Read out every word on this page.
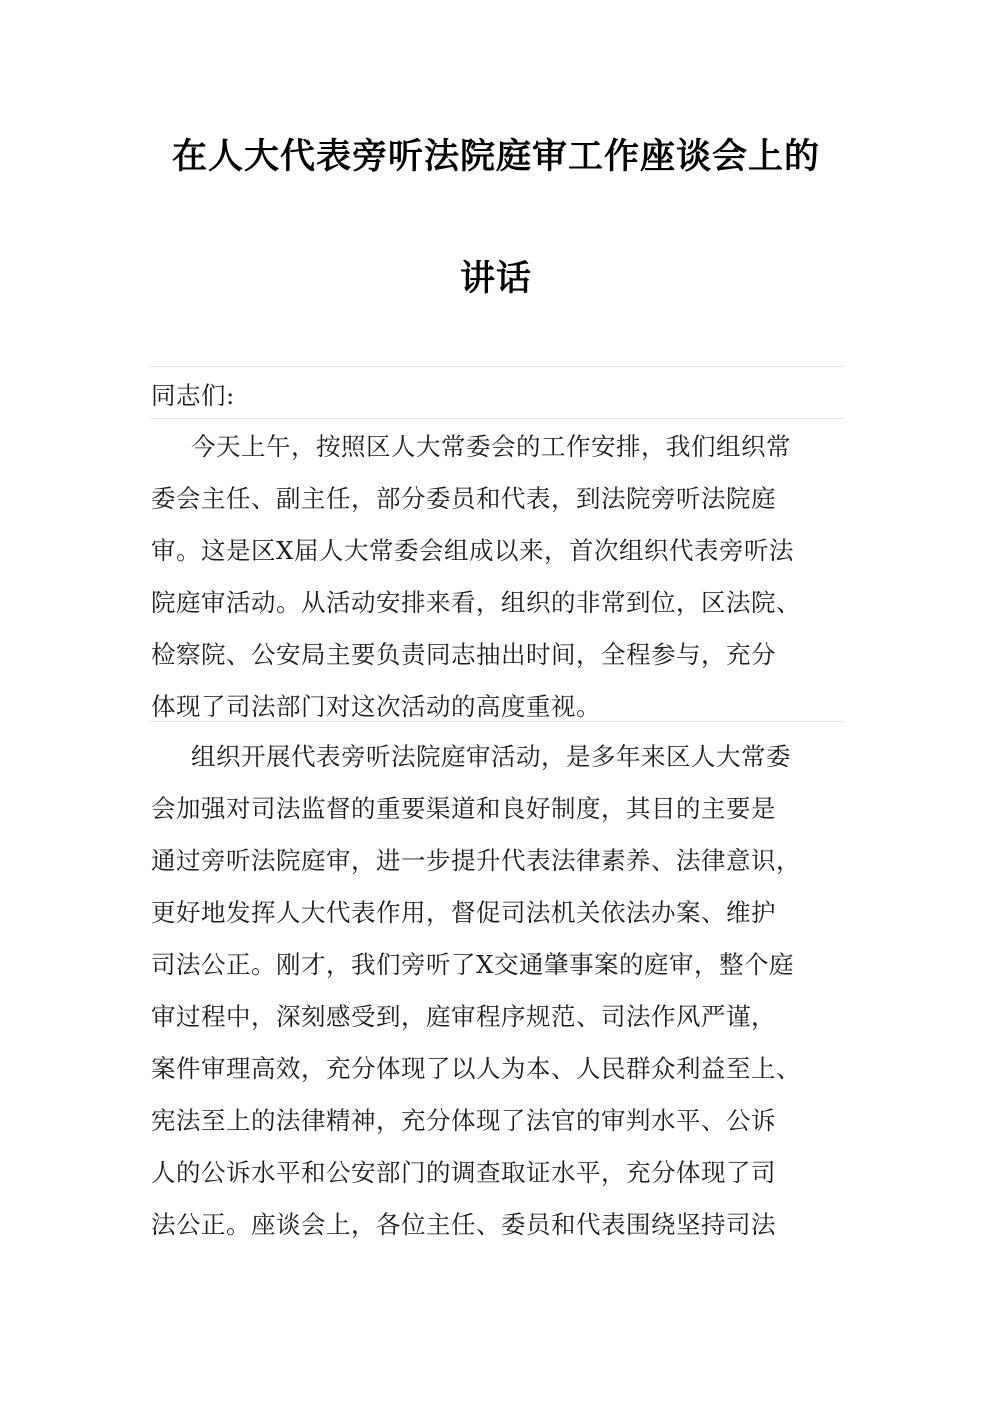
在人大代表旁听法院庭审工作座谈会上的
讲话
同志们:
今天上午，按照区人大常委会的工作安排，我们组织常
委会主任、副主任，部分委员和代表，到法院旁听法院庭
审。这是区X届人大常委会组成以来，首次组织代表旁听法
院庭审活动。从活动安排来看，组织的非常到位，区法院、
检察院、公安局主要负责同志抽出时间，全程参与，充分
体现了司法部门对这次活动的高度重视。
组织开展代表旁听法院庭审活动，是多年来区人大常委
会加强对司法监督的重要渠道和良好制度，其目的主要是
通过旁听法院庭审，进一步提升代表法律素养、法律意识，
更好地发挥人大代表作用，督促司法机关依法办案、维护
司法公正。刚才，我们旁听了X交通肇事案的庭审，整个庭
审过程中，深刻感受到，庭审程序规范、司法作风严谨，
案件审理高效，充分体现了以人为本、人民群众利益至上、
宪法至上的法律精神，充分体现了法官的审判水平、公诉
人的公诉水平和公安部门的调查取证水平，充分体现了司
法公正。座谈会上，各位主任、委员和代表围绕坚持司法
